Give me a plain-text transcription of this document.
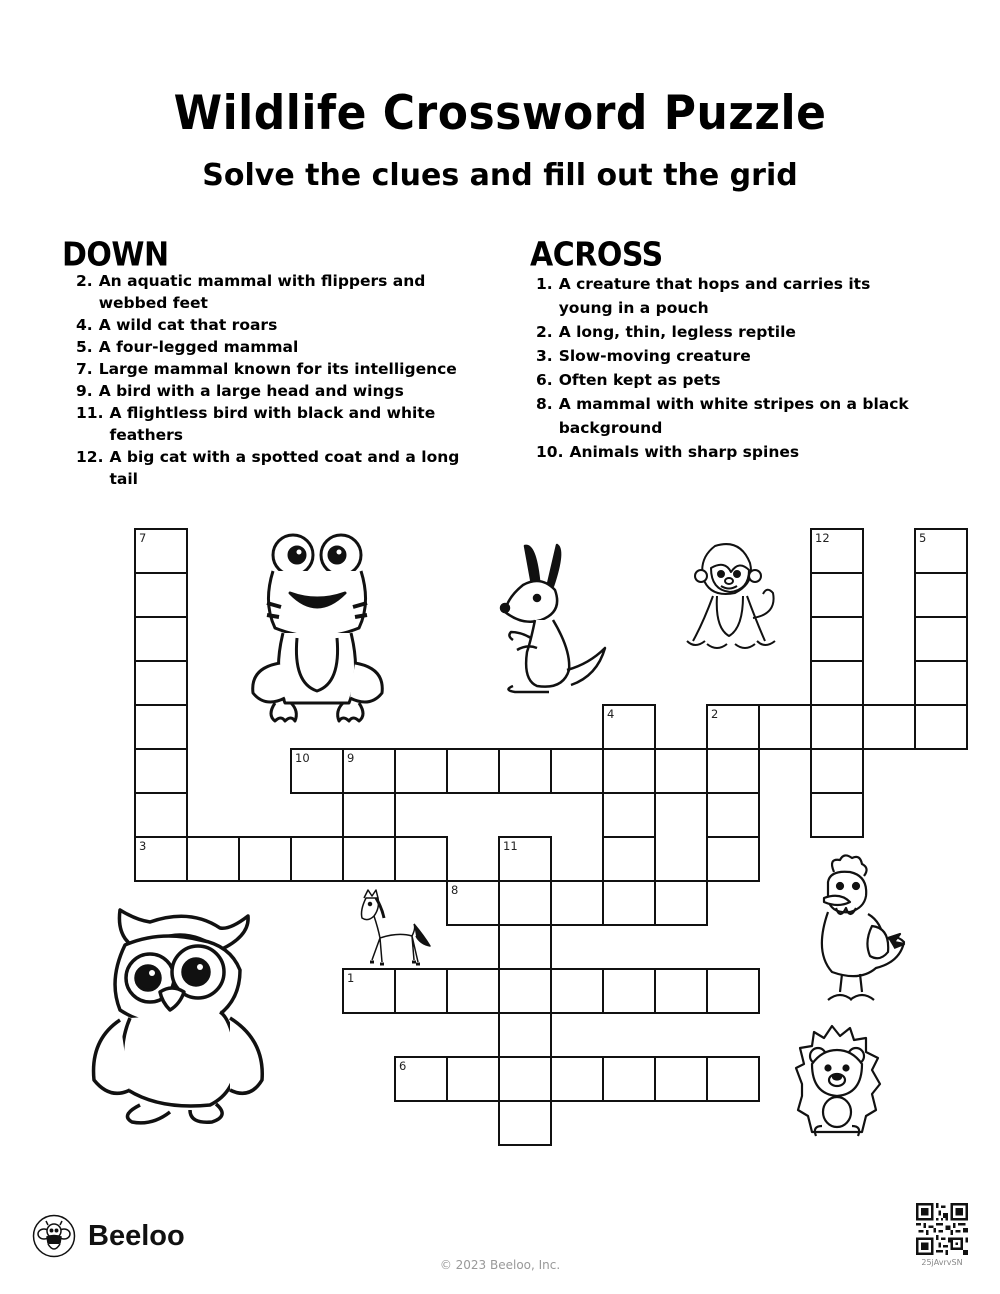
Wildlife Crossword Puzzle
Solve the clues and fill out the grid
DOWN
2. An aquatic mammal with flippers and webbed feet
4. A wild cat that roars
5. A four-legged mammal
7. Large mammal known for its intelligence
9. A bird with a large head and wings
11. A flightless bird with black and white feathers
12. A big cat with a spotted coat and a long tail
ACROSS
1. A creature that hops and carries its young in a pouch
2. A long, thin, legless reptile
3. Slow-moving creature
6. Often kept as pets
8. A mammal with white stripes on a black background
10. Animals with sharp spines
7
3
12	5
4	2
10	9
11
8
1
6
Beeloo
© 2023 Beeloo, Inc.	25jAvrvSN
